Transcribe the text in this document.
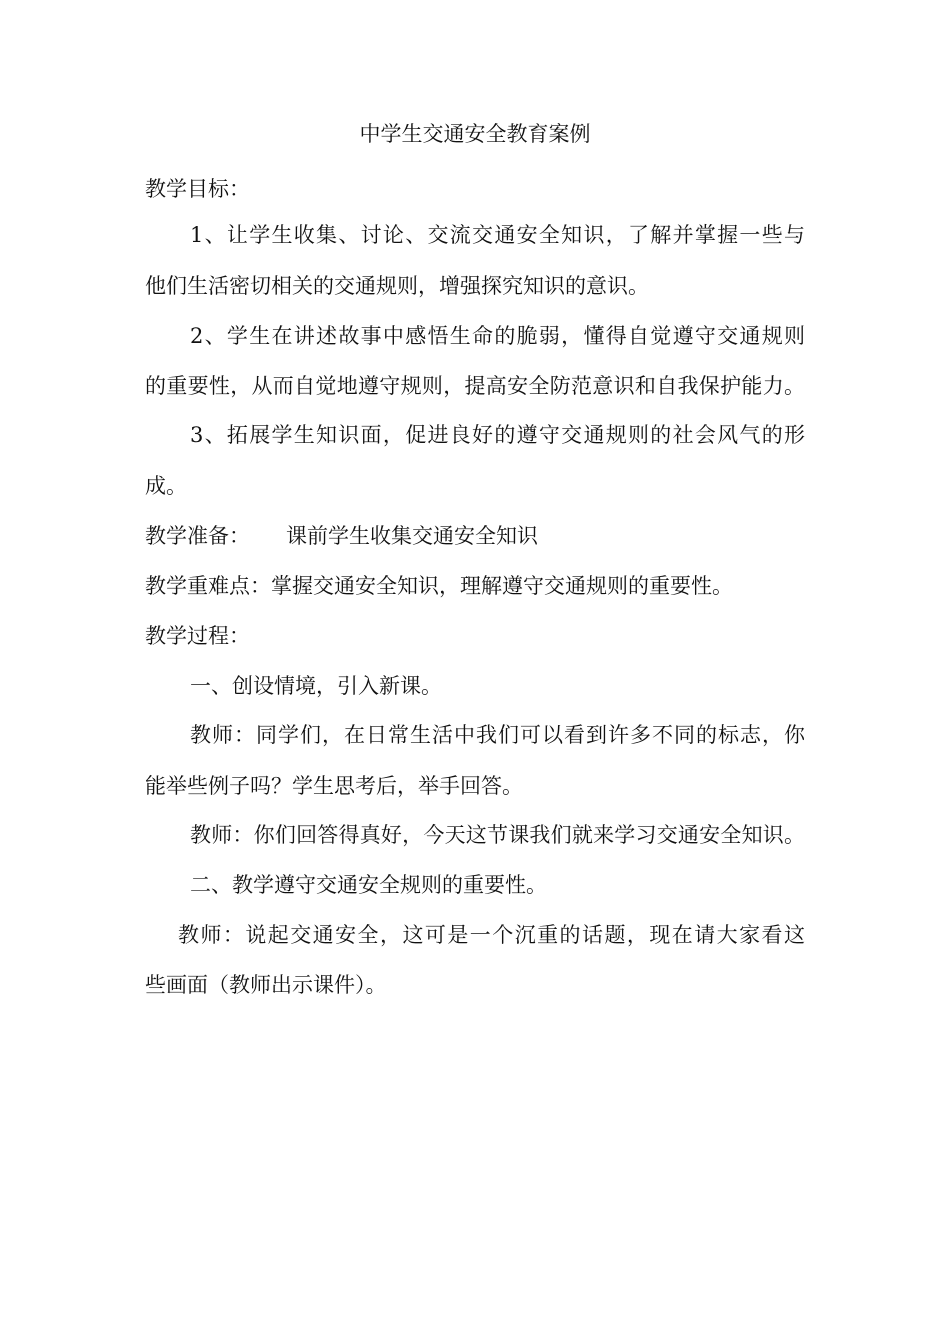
中学生交通安全教育案例
教学目标：
1、让学生收集、讨论、交流交通安全知识，了解并掌握一些与
他们生活密切相关的交通规则，增强探究知识的意识。
2、学生在讲述故事中感悟生命的脆弱，懂得自觉遵守交通规则
的重要性，从而自觉地遵守规则，提高安全防范意识和自我保护能力。
3、拓展学生知识面，促进良好的遵守交通规则的社会风气的形
成。
教学准备： 课前学生收集交通安全知识
教学重难点：掌握交通安全知识，理解遵守交通规则的重要性。
教学过程：
一、创设情境，引入新课。
教师：同学们，在日常生活中我们可以看到许多不同的标志，你
能举些例子吗？学生思考后，举手回答。
教师：你们回答得真好，今天这节课我们就来学习交通安全知识。
二、教学遵守交通安全规则的重要性。
教师：说起交通安全，这可是一个沉重的话题，现在请大家看这
些画面（教师出示课件）。
